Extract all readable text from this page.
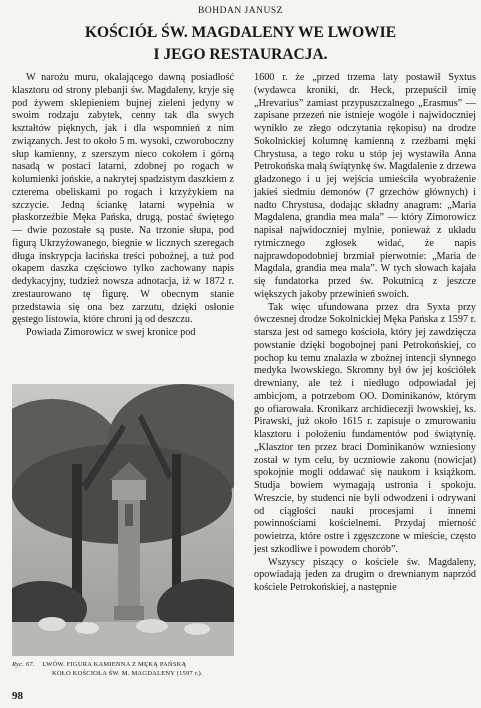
BOHDAN JANUSZ
KOŚCIÓŁ ŚW. MAGDALENY WE LWOWIE
I JEGO RESTAURACJA.

W narożu muru, okalającego dawną posiadłość klasztoru od strony plebanji św. Magdaleny, kryje się pod żywem sklepieniem bujnej zieleni jedyny w swoim rodzaju zabytek, cenny tak dla swych kształtów pięknych, jak i dla wspomnień z nim związanych. Jest to około 5 m. wysoki, czworoboczny słup kamienny, z szerszym nieco cokołem i górną nasadą w postaci latarni, zdobnej po rogach w kolumienki jońskie, a nakrytej spadzistym daszkiem z czterema obeliskami po rogach i krzyżykiem na szczycie. Jedną ściankę latarni wypełnia w płaskorzeźbie Męka Pańska, drugą, postać świętego — dwie pozostałe są puste. Na trzonie słupa, pod figurą Ukrzyżowanego, biegnie w licznych szeregach długa inskrypcja łacińska treści pobożnej, a tuż pod okapem daszka częściowo tylko zachowany napis dedykacyjny, tudzież nowsza adnotacja, iż w 1872 r. zrestaurowano tę figurę. W obecnym stanie przedstawia się ona bez zarzutu, dzięki osłonie gęstego listowia, które chroni ją od deszczu.

Powiada Zimorowicz w swej kronice pod

Ryc. 67. LWÓW. FIGURA KAMIENNA Z MĘKĄ PAŃSKĄ
KOŁO KOŚCIOŁA ŚW. M. MAGDALENY (1597 r.).

1600 r. że „przed trzema laty postawił Syxtus (wydawca kroniki, dr. Heck, przepuścił imię „Hrevarius” zamiast przypuszczalnego „Erasmus” — zapisane przezeń nie istnieje wogóle i najwidoczniej wynikło ze złego odczytania rękopisu) na drodze Sokolnickiej kolumnę kamienną z rzeźbami męki Chrystusa, a tego roku u stóp jej wystawiła Anna Petrokońska małą świątynkę św. Magdalenie z drzewa gładzonego i u jej wejścia umieściła wyobrażenie jakieś siedmiu demonów (7 grzechów głównych) i nadto Chrystusa, dodając składny anagram: „Maria Magdalena, grandia mea mala” — który Zimorowicz napisał najwidoczniej mylnie, ponieważ z układu rytmicznego zgłosek widać, że napis najprawdopodobniej brzmiał pierwotnie: „Maria de Magdala, grandia mea mala”. W tych słowach kajała się fundatorka przed św. Pokutnicą z jeszcze większych jakoby przewinień swoich.

Tak więc ufundowana przez dra Syxta przy ówczesnej drodze Sokolnickiej Męka Pańska z 1597 r. starsza jest od samego kościoła, który jej zawdzięcza powstanie dzięki bogobojnej pani Petrokońskiej, co pochop ku temu znalazła w zbożnej intencji słynnego medyka lwowskiego. Skromny był ów jej kościółek drewniany, ale też i niedługo odpowiadał jej ambicjom, a potrzebom OO. Dominikanów, którym go ofiarowała. Kronikarz archidiecezji lwowskiej, ks. Pirawski, już około 1615 r. zapisuje o zmurowaniu klasztoru i położeniu fundamentów pod świątynię. „Klasztor ten przez braci Dominikanów wzniesiony został w tym celu, by uczniowie zakonu (nowicjat) spokojnie mogli oddawać się naukom i książkom. Studja bowiem wymagają ustronia i spokoju. Wreszcie, by studenci nie byli odwodzeni i odrywani od ciągłości nauki procesjami i innemi powinnościami kościelnemi. Przydaj mierność powietrza, które ostre i zgęszczone w mieście, często jest szkodliwe i powodem chorób”.

Wszyscy piszący o kościele św. Magdaleny, opowiadają jeden za drugim o drewnianym naprzód kościele Petrokońskiej, a następnie

98
